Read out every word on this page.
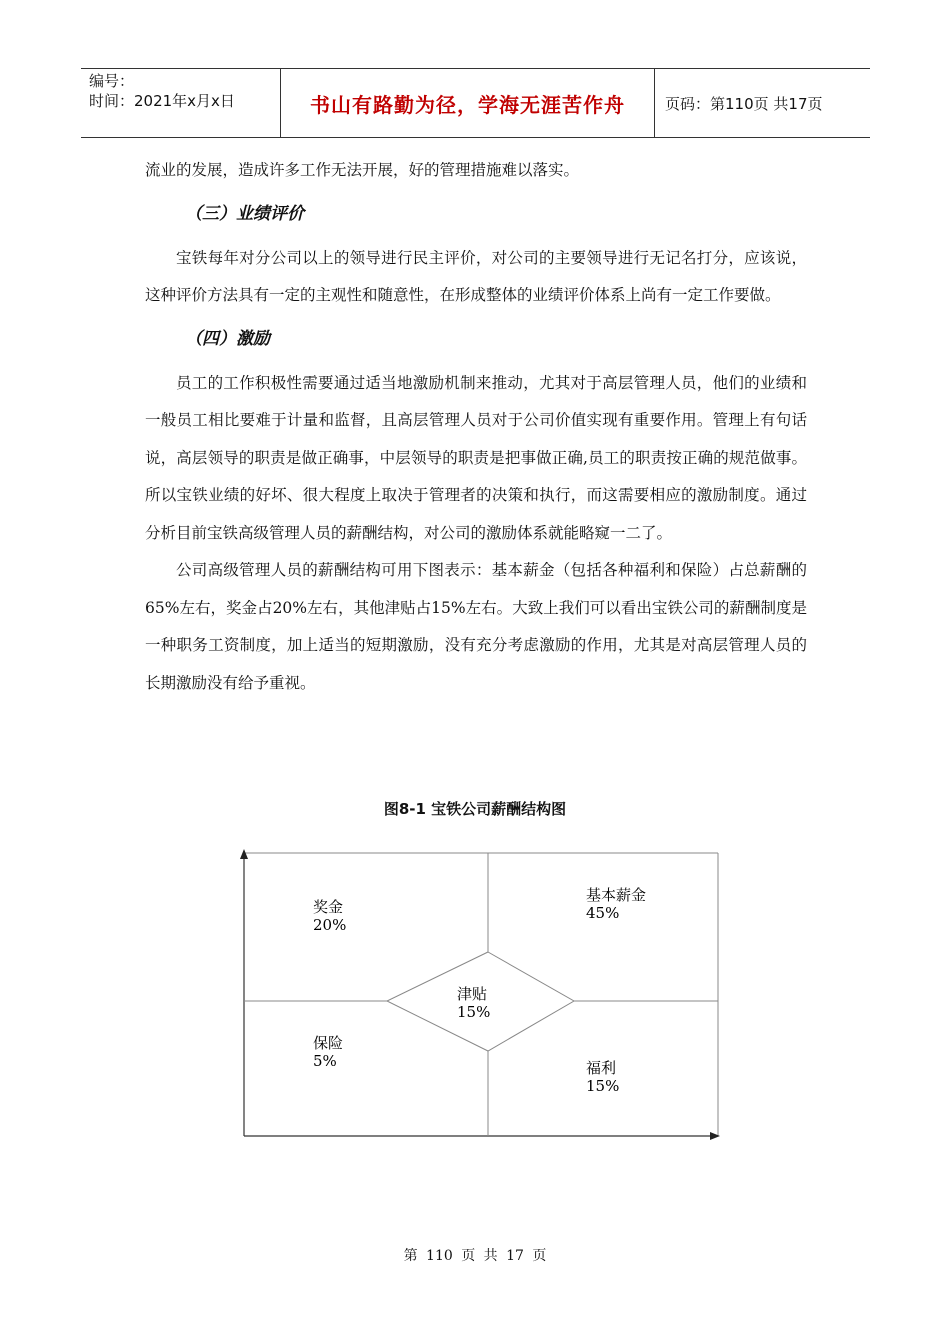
编号：
时间：2021年x月x日	书山有路勤为径，学海无涯苦作舟	页码：第110页 共17页

流业的发展，造成许多工作无法开展，好的管理措施难以落实。

（三）业绩评价

宝铁每年对分公司以上的领导进行民主评价，对公司的主要领导进行无记名打分，应该说，这种评价方法具有一定的主观性和随意性，在形成整体的业绩评价体系上尚有一定工作要做。

（四）激励

员工的工作积极性需要通过适当地激励机制来推动，尤其对于高层管理人员，他们的业绩和一般员工相比要难于计量和监督，且高层管理人员对于公司价值实现有重要作用。管理上有句话说，高层领导的职责是做正确事，中层领导的职责是把事做正确,员工的职责按正确的规范做事。所以宝铁业绩的好坏、很大程度上取决于管理者的决策和执行，而这需要相应的激励制度。通过分析目前宝铁高级管理人员的薪酬结构，对公司的激励体系就能略窥一二了。

公司高级管理人员的薪酬结构可用下图表示：基本薪金（包括各种福利和保险）占总薪酬的65%左右，奖金占20%左右，其他津贴占15%左右。大致上我们可以看出宝铁公司的薪酬制度是一种职务工资制度，加上适当的短期激励，没有充分考虑激励的作用，尤其是对高层管理人员的长期激励没有给予重视。

图8-1 宝铁公司薪酬结构图
奖金
20%
基本薪金
45%
津贴
15%
保险
5%	福利
15%
第 110 页 共 17 页
